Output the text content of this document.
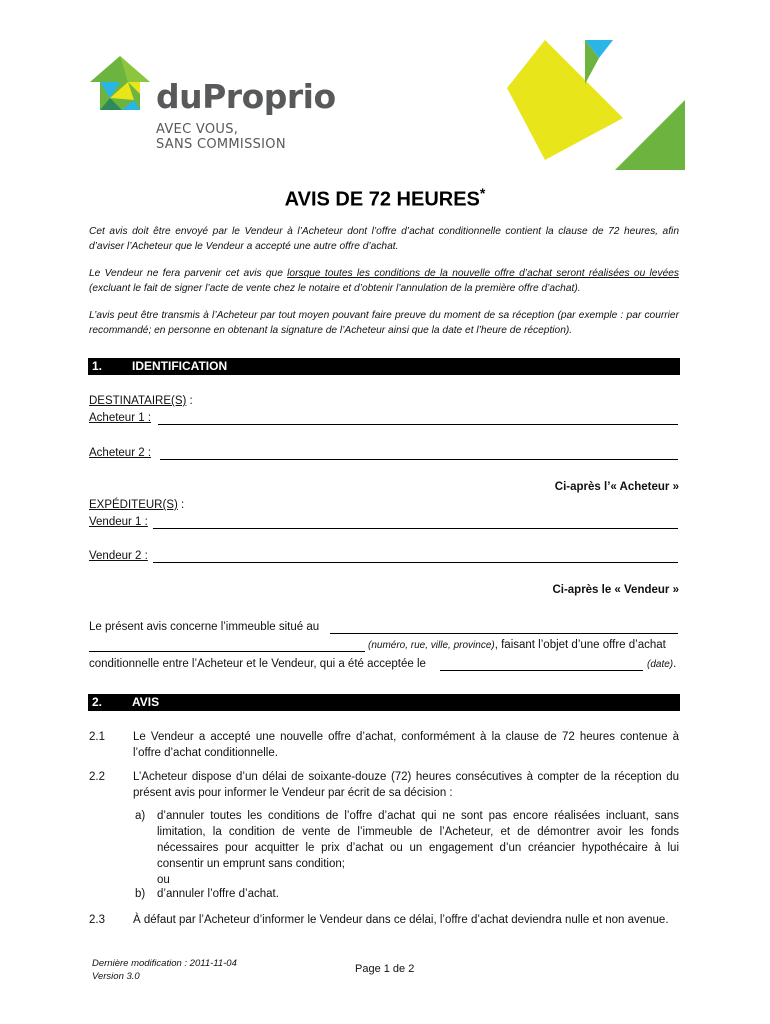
duProprio
AVEC VOUS,
SANS COMMISSION
AVIS DE 72 HEURES*
Cet avis doit être envoyé par le Vendeur à l’Acheteur dont l’offre d’achat conditionnelle contient la clause de 72 heures, afin d’aviser l’Acheteur que le Vendeur a accepté une autre offre d’achat.
Le Vendeur ne fera parvenir cet avis que lorsque toutes les conditions de la nouvelle offre d’achat seront réalisées ou levées (excluant le fait de signer l’acte de vente chez le notaire et d’obtenir l’annulation de la première offre d’achat).
L’avis peut être transmis à l’Acheteur par tout moyen pouvant faire preuve du moment de sa réception (par exemple : par courrier recommandé; en personne en obtenant la signature de l’Acheteur ainsi que la date et l’heure de réception).
1. IDENTIFICATION
DESTINATAIRE(S) :
Acheteur 1 :
Acheteur 2 :
Ci-après l’« Acheteur »
EXPÉDITEUR(S) :
Vendeur 1 :
Vendeur 2 :
Ci-après le « Vendeur »
Le présent avis concerne l’immeuble situé au
(numéro, rue, ville, province), faisant l’objet d’une offre d’achat
conditionnelle entre l’Acheteur et le Vendeur, qui a été acceptée le	(date).
2. AVIS
2.1 Le Vendeur a accepté une nouvelle offre d’achat, conformément à la clause de 72 heures contenue à l’offre d’achat conditionnelle.
2.2 L’Acheteur dispose d’un délai de soixante-douze (72) heures consécutives à compter de la réception du présent avis pour informer le Vendeur par écrit de sa décision :
a) d’annuler toutes les conditions de l’offre d’achat qui ne sont pas encore réalisées incluant, sans limitation, la condition de vente de l’immeuble de l’Acheteur, et de démontrer avoir les fonds nécessaires pour acquitter le prix d’achat ou un engagement d’un créancier hypothécaire à lui consentir un emprunt sans condition;
ou
b) d’annuler l’offre d’achat.
2.3 À défaut par l’Acheteur d’informer le Vendeur dans ce délai, l’offre d’achat deviendra nulle et non avenue.
Dernière modification : 2011-11-04
Version 3.0
Page 1 de 2
